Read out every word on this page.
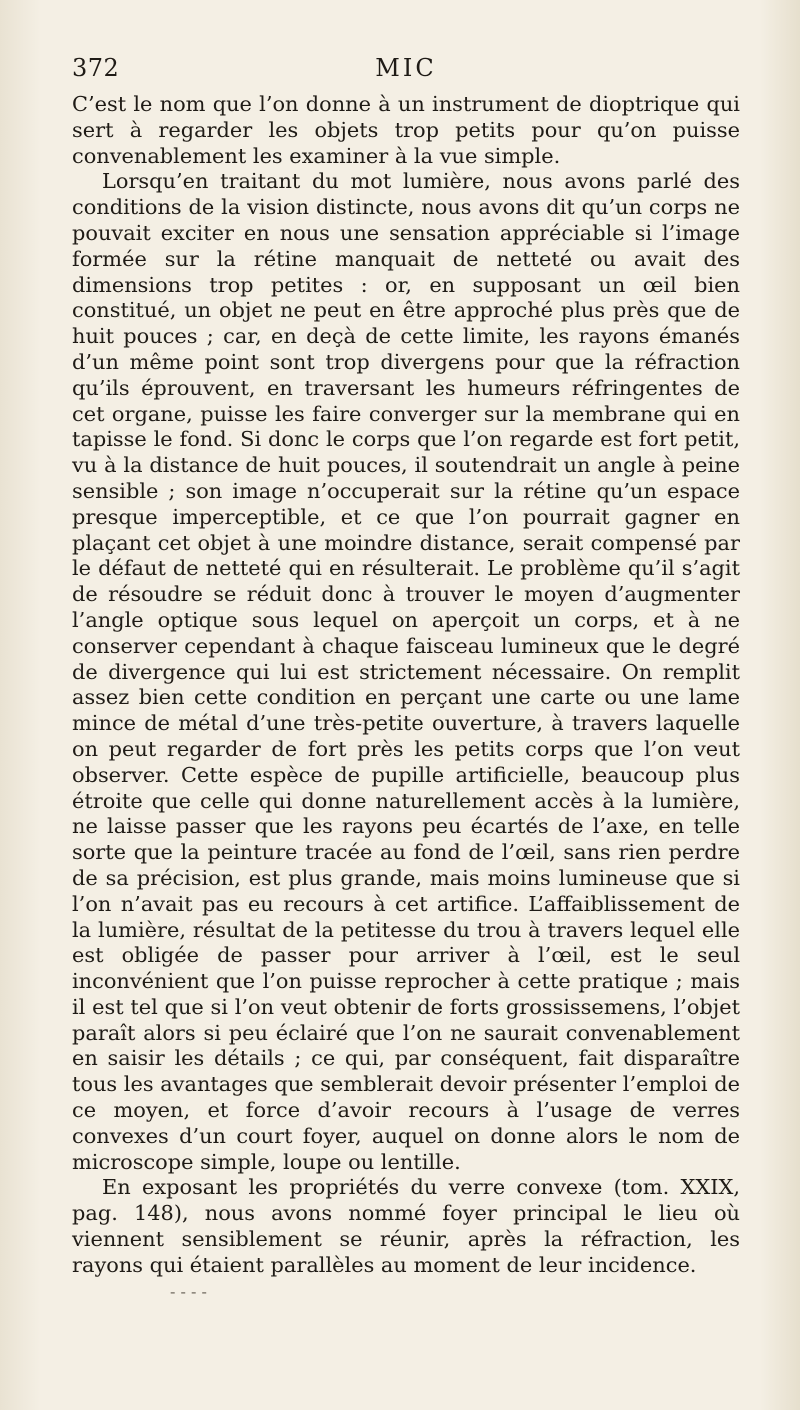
372	MIC

C’est le nom que l’on donne à un instrument de dioptrique qui sert à regarder les objets trop petits pour qu’on puisse convenablement les examiner à la vue simple.

Lorsqu’en traitant du mot lumière, nous avons parlé des conditions de la vision distincte, nous avons dit qu’un corps ne pouvait exciter en nous une sensation appréciable si l’image formée sur la rétine manquait de netteté ou avait des dimensions trop petites : or, en supposant un œil bien constitué, un objet ne peut en être approché plus près que de huit pouces ; car, en deçà de cette limite, les rayons émanés d’un même point sont trop divergens pour que la réfraction qu’ils éprouvent, en traversant les humeurs réfringentes de cet organe, puisse les faire converger sur la membrane qui en tapisse le fond. Si donc le corps que l’on regarde est fort petit, vu à la distance de huit pouces, il soutendrait un angle à peine sensible ; son image n’occuperait sur la rétine qu’un espace presque imperceptible, et ce que l’on pourrait gagner en plaçant cet objet à une moindre distance, serait compensé par le défaut de netteté qui en résulterait. Le problème qu’il s’agit de résoudre se réduit donc à trouver le moyen d’augmenter l’angle optique sous lequel on aperçoit un corps, et à ne conserver cependant à chaque faisceau lumineux que le degré de divergence qui lui est strictement nécessaire. On remplit assez bien cette condition en perçant une carte ou une lame mince de métal d’une très-petite ouverture, à travers laquelle on peut regarder de fort près les petits corps que l’on veut observer. Cette espèce de pupille artificielle, beaucoup plus étroite que celle qui donne naturellement accès à la lumière, ne laisse passer que les rayons peu écartés de l’axe, en telle sorte que la peinture tracée au fond de l’œil, sans rien perdre de sa précision, est plus grande, mais moins lumineuse que si l’on n’avait pas eu recours à cet artifice. L’affaiblissement de la lumière, résultat de la petitesse du trou à travers lequel elle est obligée de passer pour arriver à l’œil, est le seul inconvénient que l’on puisse reprocher à cette pratique ; mais il est tel que si l’on veut obtenir de forts grossissemens, l’objet paraît alors si peu éclairé que l’on ne saurait convenablement en saisir les détails ; ce qui, par conséquent, fait disparaître tous les avantages que semblerait devoir présenter l’emploi de ce moyen, et force d’avoir recours à l’usage de verres convexes d’un court foyer, auquel on donne alors le nom de microscope simple, loupe ou lentille.

En exposant les propriétés du verre convexe (tom. XXIX, pag. 148), nous avons nommé foyer principal le lieu où viennent sensiblement se réunir, après la réfraction, les rayons qui étaient parallèles au moment de leur incidence.

- - - -
